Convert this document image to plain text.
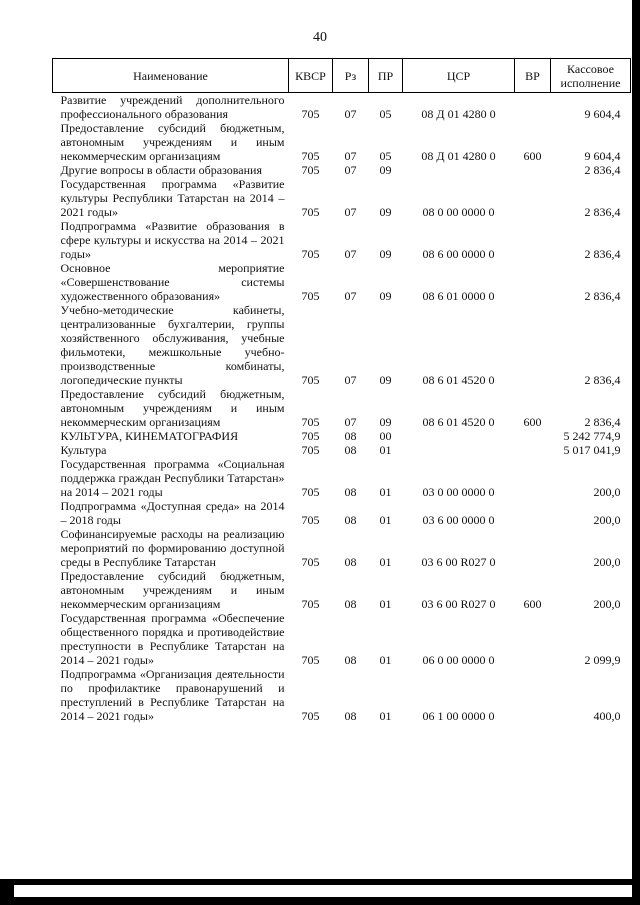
40
Наименование	КВСР	Рз	ПР	ЦСР	ВР	Кассовое исполнение
Развитие учреждений дополнительного профессионального образования	705	07	05	08 Д 01 4280 0		9 604,4
Предоставление субсидий бюджетным, автономным учреждениям и иным некоммерческим организациям	705	07	05	08 Д 01 4280 0	600	9 604,4
Другие вопросы в области образования	705	07	09			2 836,4
Государственная программа «Развитие культуры Республики Татарстан на 2014 – 2021 годы»	705	07	09	08 0 00 0000 0		2 836,4
Подпрограмма «Развитие образования в сфере культуры и искусства на 2014 – 2021 годы»	705	07	09	08 6 00 0000 0		2 836,4
Основное мероприятие «Совершенствование системы художественного образования»	705	07	09	08 6 01 0000 0		2 836,4
Учебно-методические кабинеты, централизованные бухгалтерии, группы хозяйственного обслуживания, учебные фильмотеки, межшкольные учебно-производственные комбинаты, логопедические пункты	705	07	09	08 6 01 4520 0		2 836,4
Предоставление субсидий бюджетным, автономным учреждениям и иным некоммерческим организациям	705	07	09	08 6 01 4520 0	600	2 836,4
КУЛЬТУРА, КИНЕМАТОГРАФИЯ	705	08	00			5 242 774,9
Культура	705	08	01			5 017 041,9
Государственная программа «Социальная поддержка граждан Республики Татарстан» на 2014 – 2021 годы	705	08	01	03 0 00 0000 0		200,0
Подпрограмма «Доступная среда» на 2014 – 2018 годы	705	08	01	03 6 00 0000 0		200,0
Софинансируемые расходы на реализацию мероприятий по формированию доступной среды в Республике Татарстан	705	08	01	03 6 00 R027 0		200,0
Предоставление субсидий бюджетным, автономным учреждениям и иным некоммерческим организациям	705	08	01	03 6 00 R027 0	600	200,0
Государственная программа «Обеспечение общественного порядка и противодействие преступности в Республике Татарстан на 2014 – 2021 годы»	705	08	01	06 0 00 0000 0		2 099,9
Подпрограмма «Организация деятельности по профилактике правонарушений и преступлений в Республике Татарстан на 2014 – 2021 годы»	705	08	01	06 1 00 0000 0		400,0
